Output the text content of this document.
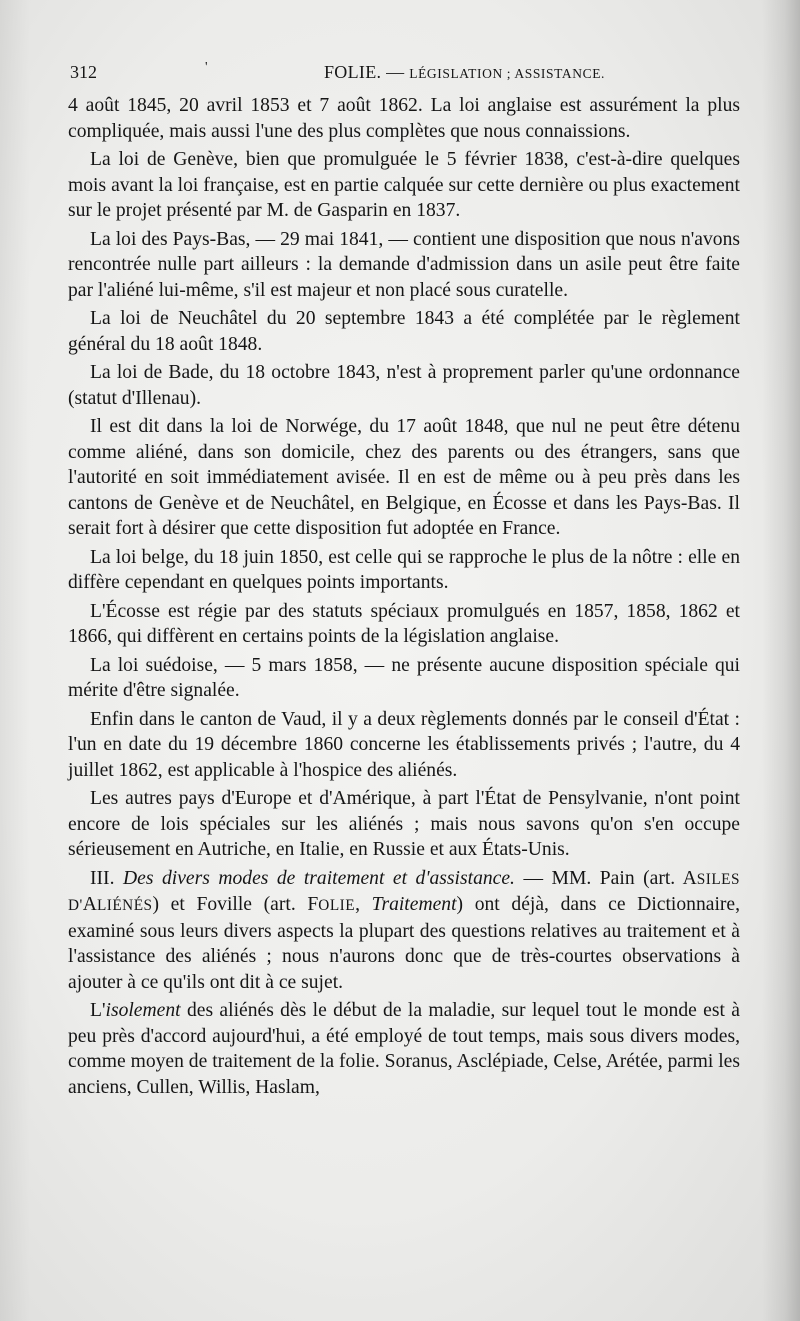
312	'	FOLIE. — LÉGISLATION ; ASSISTANCE.

4 août 1845, 20 avril 1853 et 7 août 1862. La loi anglaise est assurément la plus compliquée, mais aussi l'une des plus complètes que nous connaissions.

La loi de Genève, bien que promulguée le 5 février 1838, c'est-à-dire quelques mois avant la loi française, est en partie calquée sur cette dernière ou plus exactement sur le projet présenté par M. de Gasparin en 1837.

La loi des Pays-Bas, — 29 mai 1841, — contient une disposition que nous n'avons rencontrée nulle part ailleurs : la demande d'admission dans un asile peut être faite par l'aliéné lui-même, s'il est majeur et non placé sous curatelle.

La loi de Neuchâtel du 20 septembre 1843 a été complétée par le règlement général du 18 août 1848.

La loi de Bade, du 18 octobre 1843, n'est à proprement parler qu'une ordonnance (statut d'Illenau).

Il est dit dans la loi de Norwége, du 17 août 1848, que nul ne peut être détenu comme aliéné, dans son domicile, chez des parents ou des étrangers, sans que l'autorité en soit immédiatement avisée. Il en est de même ou à peu près dans les cantons de Genève et de Neuchâtel, en Belgique, en Écosse et dans les Pays-Bas. Il serait fort à désirer que cette disposition fut adoptée en France.

La loi belge, du 18 juin 1850, est celle qui se rapproche le plus de la nôtre : elle en diffère cependant en quelques points importants.

L'Écosse est régie par des statuts spéciaux promulgués en 1857, 1858, 1862 et 1866, qui diffèrent en certains points de la législation anglaise.

La loi suédoise, — 5 mars 1858, — ne présente aucune disposition spéciale qui mérite d'être signalée.

Enfin dans le canton de Vaud, il y a deux règlements donnés par le conseil d'État : l'un en date du 19 décembre 1860 concerne les établissements privés ; l'autre, du 4 juillet 1862, est applicable à l'hospice des aliénés.

Les autres pays d'Europe et d'Amérique, à part l'État de Pensylvanie, n'ont point encore de lois spéciales sur les aliénés ; mais nous savons qu'on s'en occupe sérieusement en Autriche, en Italie, en Russie et aux États-Unis.

III. Des divers modes de traitement et d'assistance. — MM. Pain (art. ASILES D'ALIÉNÉS) et Foville (art. FOLIE, Traitement) ont déjà, dans ce Dictionnaire, examiné sous leurs divers aspects la plupart des questions relatives au traitement et à l'assistance des aliénés ; nous n'aurons donc que de très-courtes observations à ajouter à ce qu'ils ont dit à ce sujet.

L'isolement des aliénés dès le début de la maladie, sur lequel tout le monde est à peu près d'accord aujourd'hui, a été employé de tout temps, mais sous divers modes, comme moyen de traitement de la folie. Soranus, Asclépiade, Celse, Arétée, parmi les anciens, Cullen, Willis, Haslam,
